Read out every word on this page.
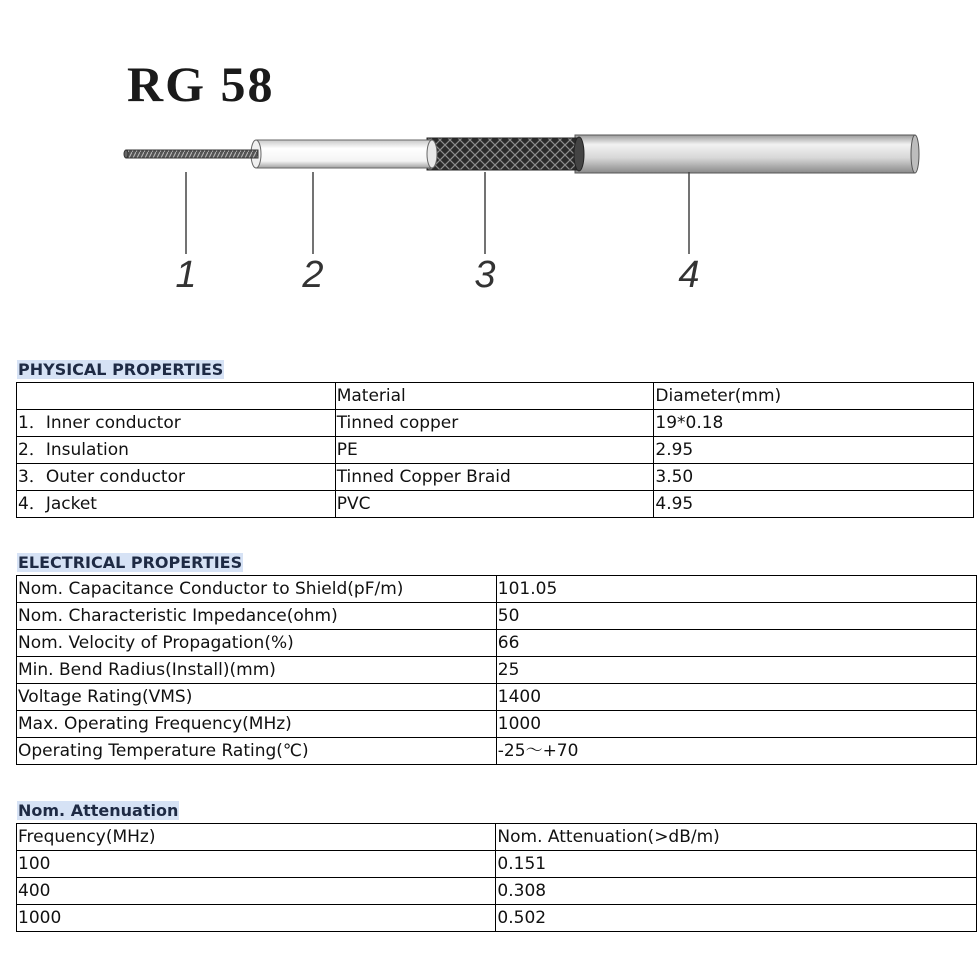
RG 58
1	2	3	4
PHYSICAL PROPERTIES
	Material	Diameter(mm)
1．Inner conductor	Tinned copper	19*0.18
2．Insulation	PE	2.95
3．Outer conductor	Tinned Copper Braid	3.50
4．Jacket	PVC	4.95
ELECTRICAL PROPERTIES
Nom. Capacitance Conductor to Shield(pF/m)	101.05
Nom. Characteristic Impedance(ohm)	50
Nom. Velocity of Propagation(%)	66
Min. Bend Radius(Install)(mm)	25
Voltage Rating(VMS)	1400
Max. Operating Frequency(MHz)	1000
Operating Temperature Rating(℃)	-25～+70
Nom. Attenuation
Frequency(MHz)	Nom. Attenuation(>dB/m)
100	0.151
400	0.308
1000	0.502
